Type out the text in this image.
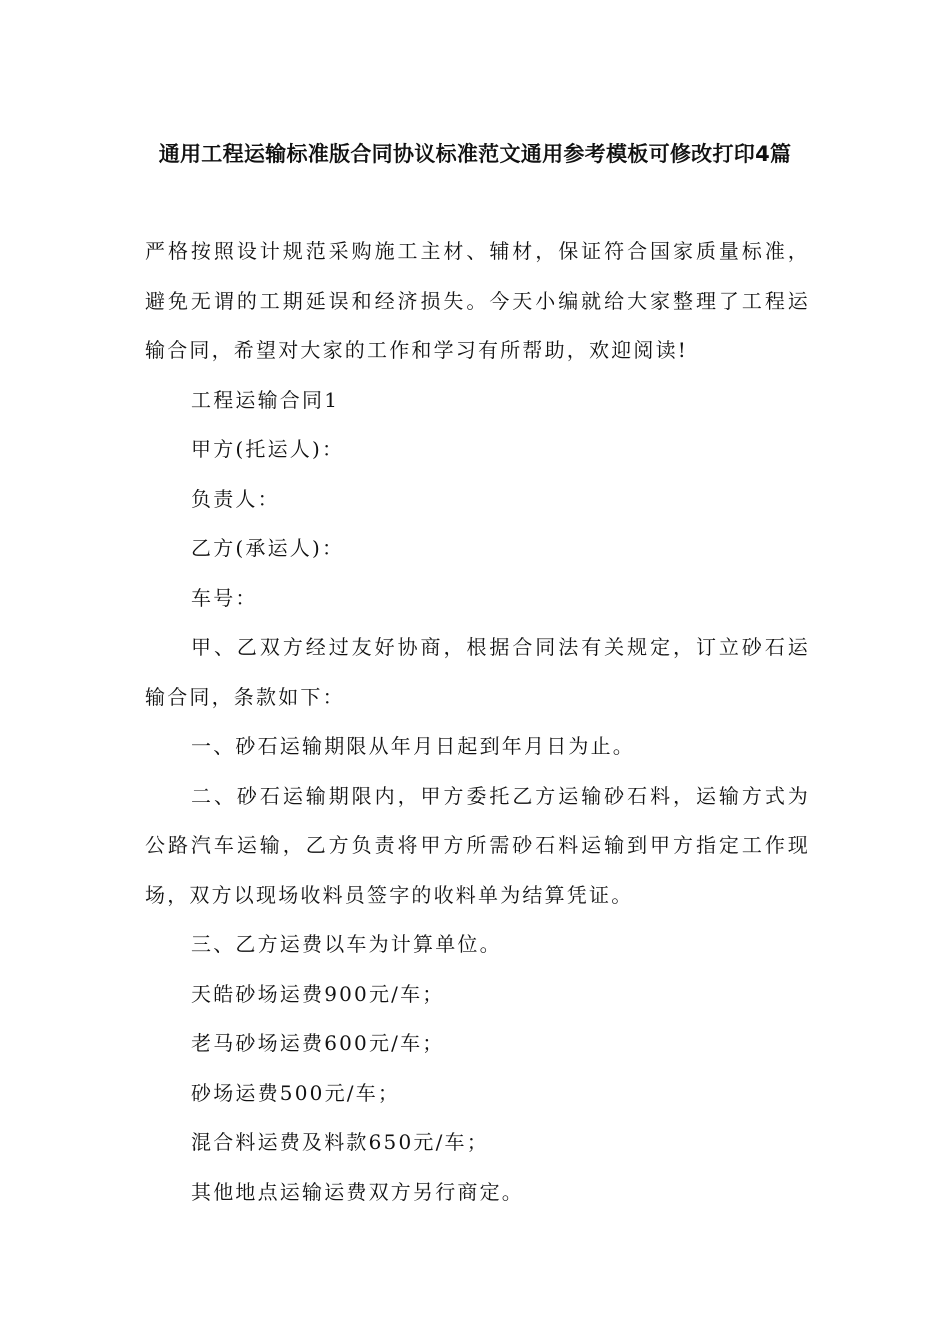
通用工程运输标准版合同协议标准范文通用参考模板可修改打印4篇

严格按照设计规范采购施工主材、辅材，保证符合国家质量标准，避免无谓的工期延误和经济损失。今天小编就给大家整理了工程运输合同，希望对大家的工作和学习有所帮助，欢迎阅读!

工程运输合同1

甲方(托运人)：

负责人：

乙方(承运人)：

车号：

甲、乙双方经过友好协商，根据合同法有关规定，订立砂石运输合同，条款如下：

一、砂石运输期限从年月日起到年月日为止。

二、砂石运输期限内，甲方委托乙方运输砂石料，运输方式为公路汽车运输，乙方负责将甲方所需砂石料运输到甲方指定工作现场，双方以现场收料员签字的收料单为结算凭证。

三、乙方运费以车为计算单位。

天皓砂场运费900元/车；

老马砂场运费600元/车；

砂场运费500元/车；

混合料运费及料款650元/车；

其他地点运输运费双方另行商定。
